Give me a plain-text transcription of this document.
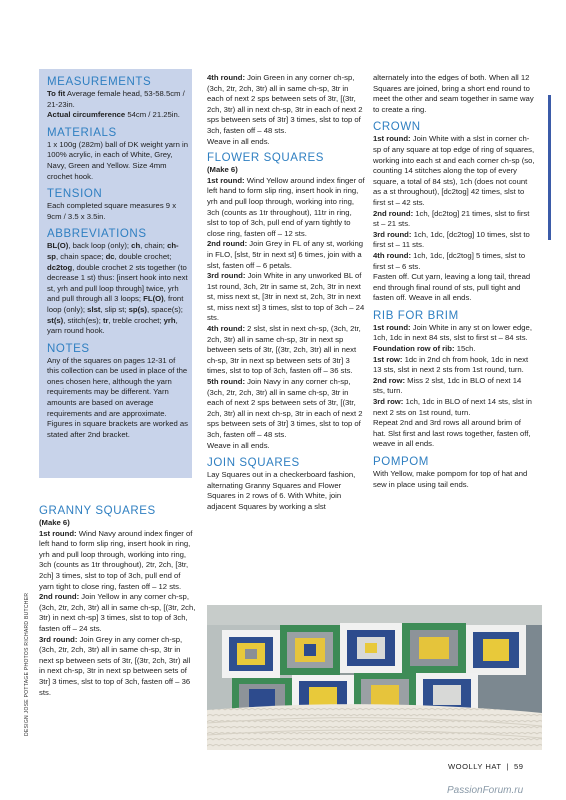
MEASUREMENTS

To fit Average female head, 53-58.5cm / 21-23in.

Actual circumference 54cm / 21.25in.

MATERIALS

1 x 100g (282m) ball of DK weight yarn in 100% acrylic, in each of White, Grey, Navy, Green and Yellow. Size 4mm crochet hook.

TENSION

Each completed square measures 9 x 9cm / 3.5 x 3.5in.

ABBREVIATIONS

BL(O), back loop (only); ch, chain; ch-sp, chain space; dc, double crochet; dc2tog, double crochet 2 sts together (to decrease 1 st) thus: [insert hook into next st, yrh and pull loop through] twice, yrh and pull through all 3 loops; FL(O), front loop (only); slst, slip st; sp(s), space(s); st(s), stitch(es); tr, treble crochet; yrh, yarn round hook.

NOTES

Any of the squares on pages 12-31 of this collection can be used in place of the ones chosen here, although the yarn requirements may be different. Yarn amounts are based on average requirements and are approximate. Figures in square brackets are worked as stated after 2nd bracket.

GRANNY SQUARES

(Make 6)

1st round: Wind Navy around index finger of left hand to form slip ring, insert hook in ring, yrh and pull loop through, working into ring, 3ch (counts as 1tr throughout), 2tr, 2ch, [3tr, 2ch] 3 times, slst to top of 3ch, pull end of yarn tight to close ring, fasten off – 12 sts.

2nd round: Join Yellow in any corner ch-sp, (3ch, 2tr, 2ch, 3tr) all in same ch-sp, [(3tr, 2ch, 3tr) in next ch-sp] 3 times, slst to top of 3ch, fasten off – 24 sts.

3rd round: Join Grey in any corner ch-sp, (3ch, 2tr, 2ch, 3tr) all in same ch-sp, 3tr in next sp between sets of 3tr, [(3tr, 2ch, 3tr) all in next ch-sp, 3tr in next sp between sets of 3tr] 3 times, slst to top of 3ch, fasten off – 36 sts.

4th round: Join Green in any corner ch-sp, (3ch, 2tr, 2ch, 3tr) all in same ch-sp, 3tr in each of next 2 sps between sets of 3tr, [(3tr, 2ch, 3tr) all in next ch-sp, 3tr in each of next 2 sps between sets of 3tr] 3 times, slst to top of 3ch, fasten off – 48 sts.

Weave in all ends.

FLOWER SQUARES

(Make 6)

1st round: Wind Yellow around index finger of left hand to form slip ring, insert hook in ring, yrh and pull loop through, working into ring, 3ch (counts as 1tr throughout), 11tr in ring, slst to top of 3ch, pull end of yarn tightly to close ring, fasten off – 12 sts.

2nd round: Join Grey in FL of any st, working in FLO, [slst, 5tr in next st] 6 times, join with a slst, fasten off – 6 petals.

3rd round: Join White in any unworked BL of 1st round, 3ch, 2tr in same st, 2ch, 3tr in next st, miss next st, [3tr in next st, 2ch, 3tr in next st, miss next st] 3 times, slst to top of 3ch – 24 sts.

4th round: 2 slst, slst in next ch-sp, (3ch, 2tr, 2ch, 3tr) all in same ch-sp, 3tr in next sp between sets of 3tr, [(3tr, 2ch, 3tr) all in next ch-sp, 3tr in next sp between sets of 3tr] 3 times, slst to top of 3ch, fasten off – 36 sts.

5th round: Join Navy in any corner ch-sp, (3ch, 2tr, 2ch, 3tr) all in same ch-sp, 3tr in each of next 2 sps between sets of 3tr, [(3tr, 2ch, 3tr) all in next ch-sp, 3tr in each of next 2 sps between sets of 3tr] 3 times, slst to top of 3ch, fasten off – 48 sts.

Weave in all ends.

JOIN SQUARES

Lay Squares out in a checkerboard fashion, alternating Granny Squares and Flower Squares in 2 rows of 6. With White, join adjacent Squares by working a slst

alternately into the edges of both. When all 12 Squares are joined, bring a short end round to meet the other and seam together in same way to create a ring.

CROWN

1st round: Join White with a slst in corner ch-sp of any square at top edge of ring of squares, working into each st and each corner ch-sp (so, counting 14 stitches along the top of every square, a total of 84 sts), 1ch (does not count as a st throughout), [dc2tog] 42 times, slst to first st – 42 sts.

2nd round: 1ch, [dc2tog] 21 times, slst to first st – 21 sts.

3rd round: 1ch, 1dc, [dc2tog] 10 times, slst to first st – 11 sts.

4th round: 1ch, 1dc, [dc2tog] 5 times, slst to first st – 6 sts.

Fasten off. Cut yarn, leaving a long tail, thread end through final round of sts, pull tight and fasten off. Weave in all ends.

RIB FOR BRIM

1st round: Join White in any st on lower edge, 1ch, 1dc in next 84 sts, slst to first st – 84 sts.

Foundation row of rib: 15ch.

1st row: 1dc in 2nd ch from hook, 1dc in next 13 sts, slst in next 2 sts from 1st round, turn.

2nd row: Miss 2 slst, 1dc in BLO of next 14 sts, turn.

3rd row: 1ch, 1dc in BLO of next 14 sts, slst in next 2 sts on 1st round, turn.

Repeat 2nd and 3rd rows all around brim of hat. Slst first and last rows together, fasten off, weave in all ends.

POMPOM

With Yellow, make pompom for top of hat and sew in place using tail ends.

DESIGN JOSE POTTAGE PHOTOS RICHARD BUTCHER
WOOLLY HAT | 59
PassionForum.ru
